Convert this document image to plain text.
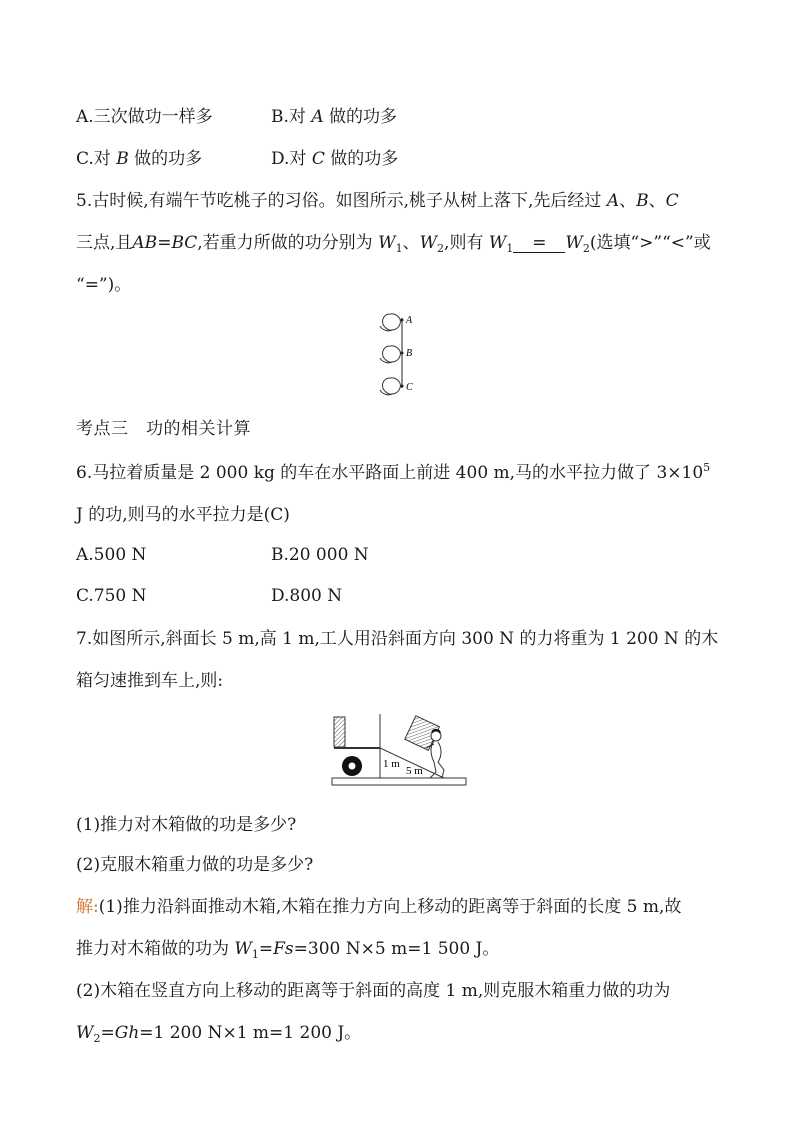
A.三次做功一样多	B.对 A 做的功多
C.对 B 做的功多	D.对 C 做的功多
5.古时候,有端午节吃桃子的习俗。如图所示,桃子从树上落下,先后经过 A、B、C
三点,且AB=BC,若重力所做的功分别为 $W_1$、$W_2$,则有 $W_1 = W_2$(选填“>”“<”或
“=”)。
A
B
C
考点三　功的相关计算
6.马拉着质量是 2 000 kg 的车在水平路面上前进 400 m,马的水平拉力做了 $3\times 10^5$
J 的功,则马的水平拉力是(C)
A.500 N	B.20 000 N
C.750 N	D.800 N
7.如图所示,斜面长 5 m,高 1 m,工人用沿斜面方向 300 N 的力将重为 1 200 N 的木
箱匀速推到车上,则:
1 m
5 m
(1)推力对木箱做的功是多少?
(2)克服木箱重力做的功是多少?
解:(1)推力沿斜面推动木箱,木箱在推力方向上移动的距离等于斜面的长度 5 m,故
推力对木箱做的功为 $W_1=Fs=300$ N×5 m=1 500 J。
(2)木箱在竖直方向上移动的距离等于斜面的高度 1 m,则克服木箱重力做的功为
$W_2=Gh=1$ 200 N×1 m=1 200 J。
